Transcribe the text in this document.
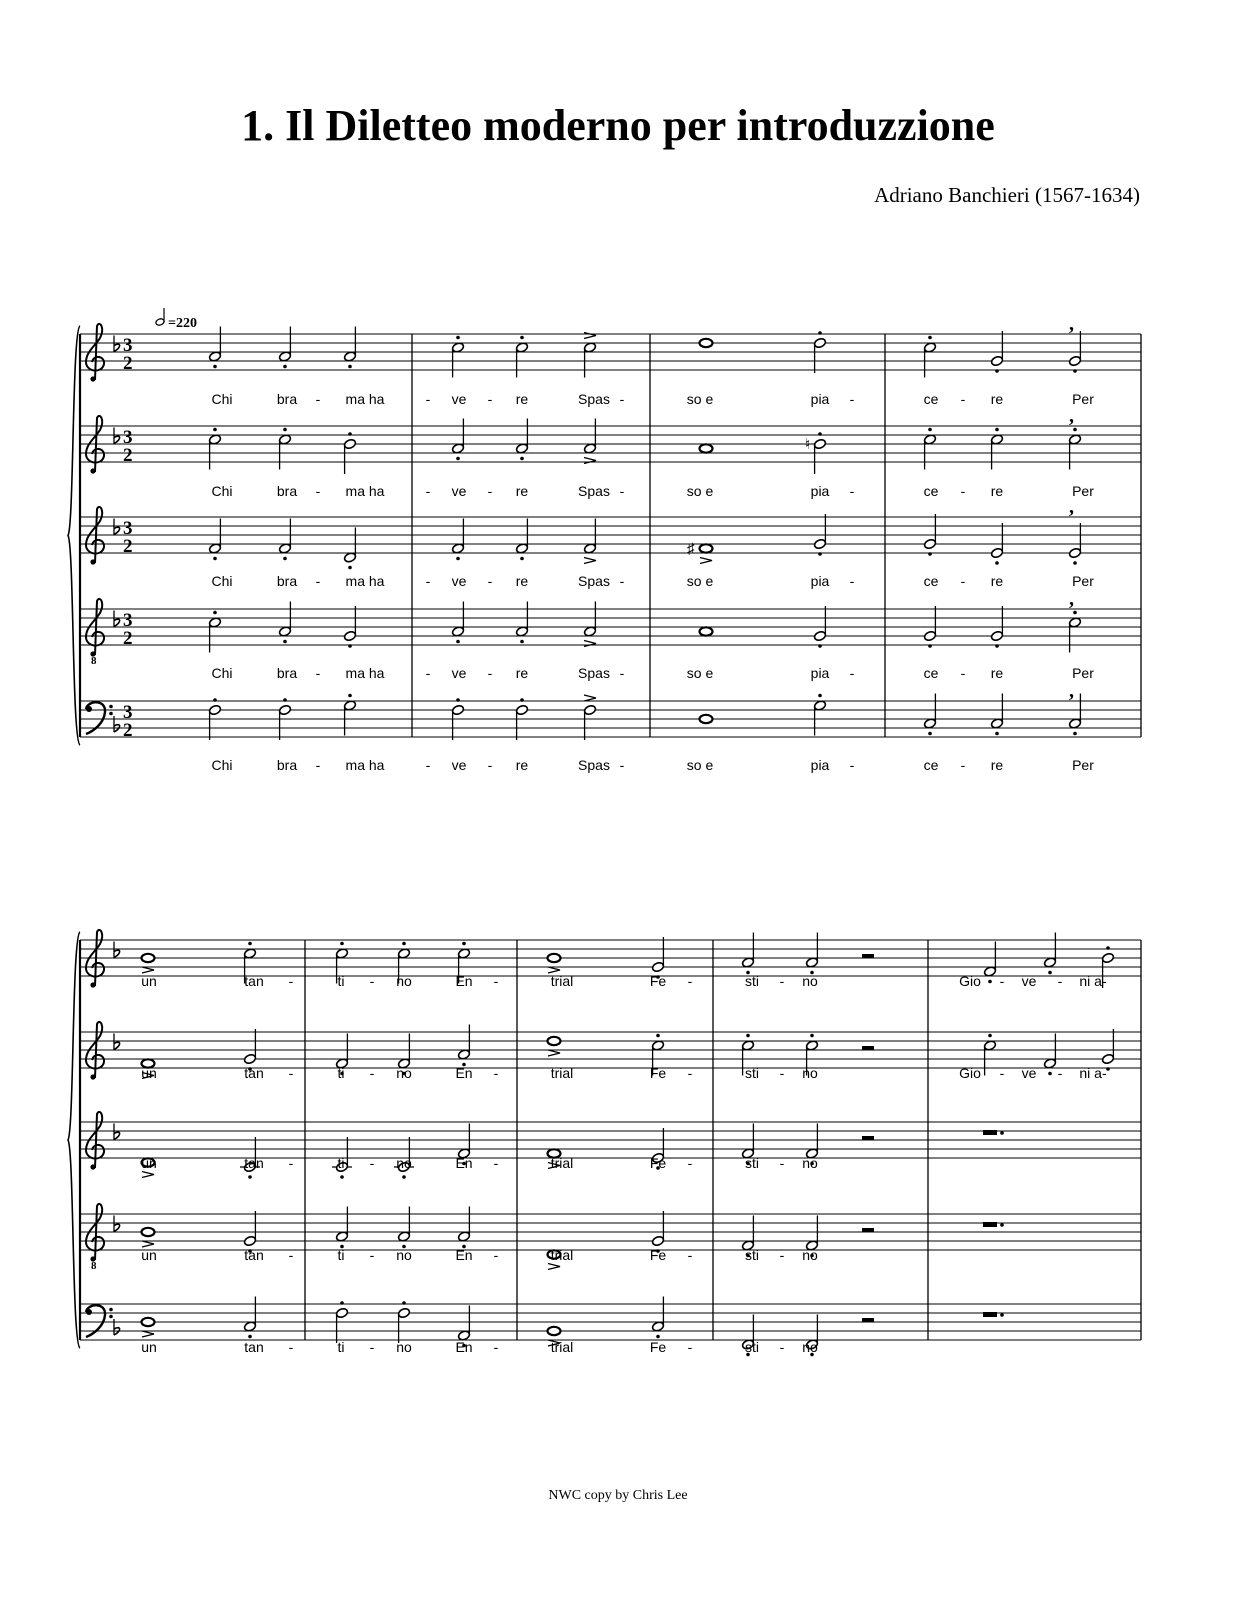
1. Il Diletteo moderno per introduzzione
Adriano Banchieri (1567-1634)
=220
3
2
,
Chi	bra - ma ha	- ve - re	Spas -	so e	pia -	ce - re	Per
3
2
♮
,
Chi	bra - ma ha	- ve - re	Spas -	so e	pia -	ce - re	Per
3
2	♯
,
Chi	bra - ma ha	- ve - re	Spas -	so e	pia -	ce - re	Per
8
3
2
,
Chi	bra - ma ha	- ve - re	Spas -	so e	pia -	ce - re	Per
3
2
,
Chi	bra - ma ha	- ve - re	Spas -	so e	pia -	ce - re	Per
un	tan -	ti - no	En -	trial	Fe -	sti - no	Gio - ve - ni a-
un	tan -	ti - no	En -	trial	Fe -	sti - no	Gio - ve - ni a-
un	tan -	ti - no	En -	trial	Fe -	sti - no
8
un	tan -	ti - no	En -	trial	Fe -	sti - no
un	tan -	ti - no	En -	trial	Fe -	sti - no
NWC copy by Chris Lee
